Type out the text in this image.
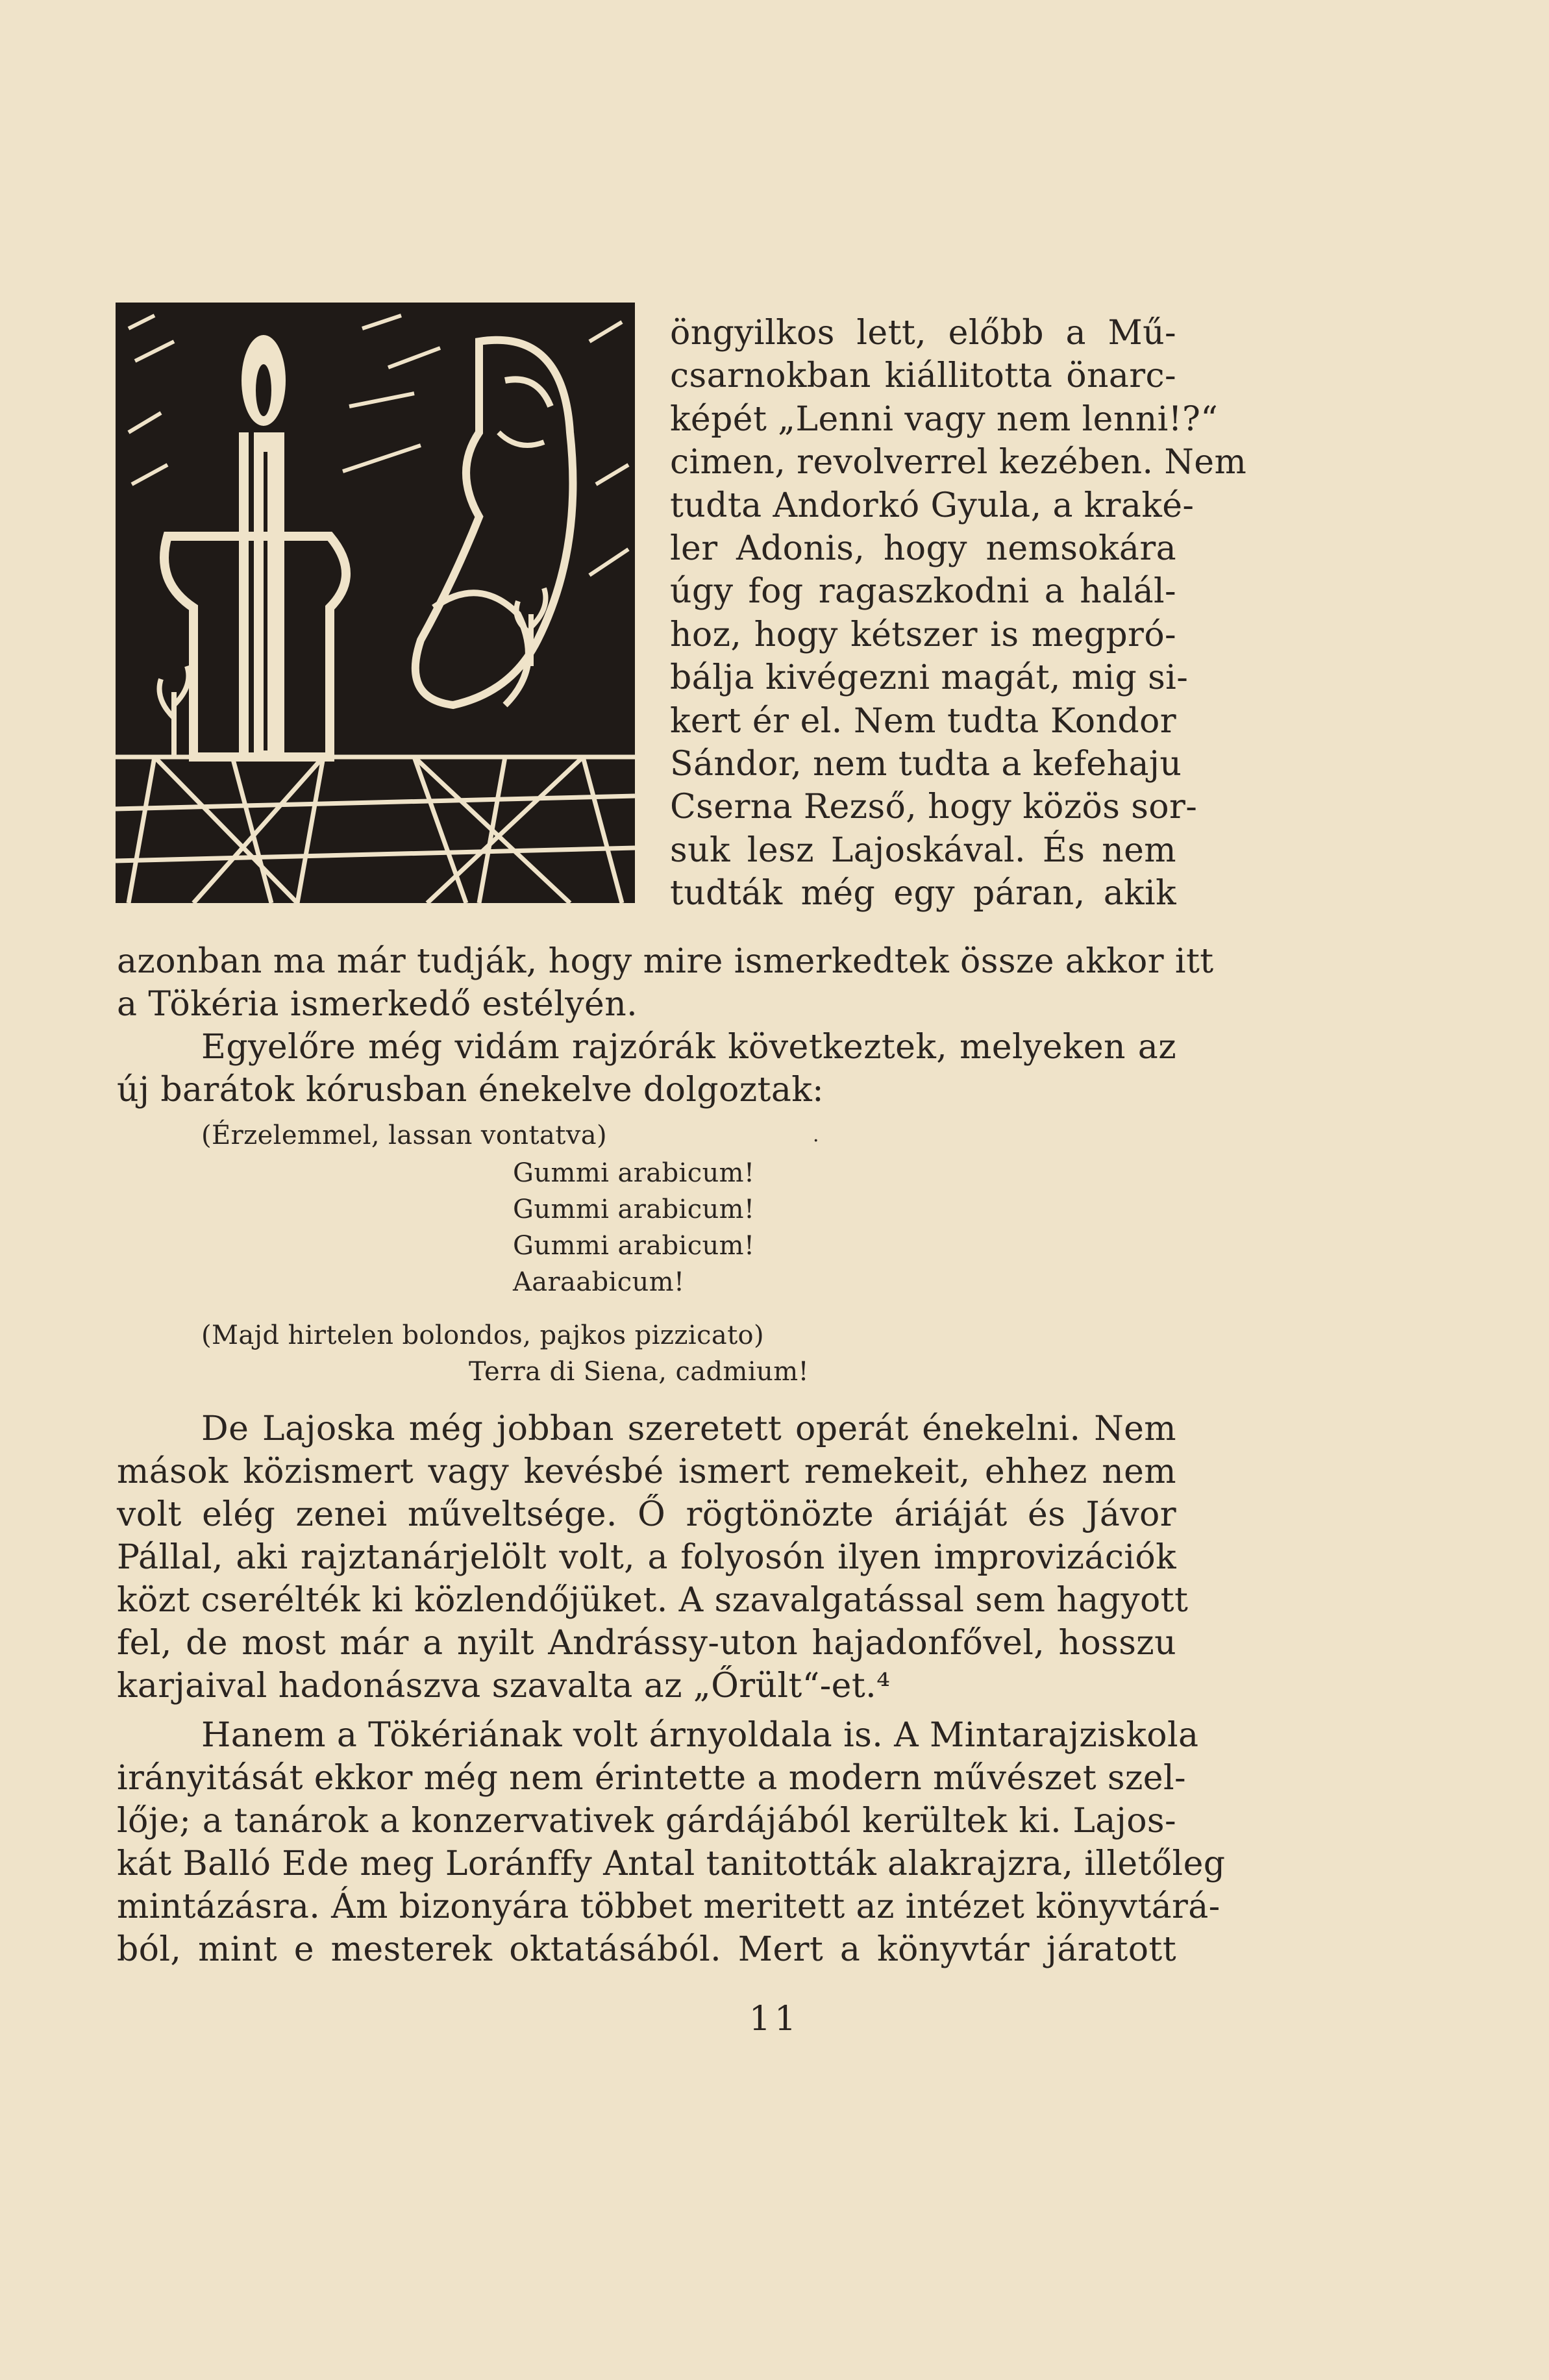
öngyilkos lett, előbb a Mű-
csarnokban kiállitotta önarc-
képét „Lenni vagy nem lenni!?“
cimen, revolverrel kezében. Nem
tudta Andorkó Gyula, a kraké-
ler Adonis, hogy nemsokára
úgy fog ragaszkodni a halál-
hoz, hogy kétszer is megpró-
bálja kivégezni magát, mig si-
kert ér el. Nem tudta Kondor
Sándor, nem tudta a kefehaju
Cserna Rezső, hogy közös sor-
suk lesz Lajoskával. És nem
tudták még egy páran, akik
azonban ma már tudják, hogy mire ismerkedtek össze akkor itt
a Tökéria ismerkedő estélyén.
Egyelőre még vidám rajzórák következtek, melyeken az
új barátok kórusban énekelve dolgoztak:
(Érzelemmel, lassan vontatva)	·
Gummi arabicum!
Gummi arabicum!
Gummi arabicum!
Aaraabicum!
(Majd hirtelen bolondos, pajkos pizzicato)
Terra di Siena, cadmium!
De Lajoska még jobban szeretett operát énekelni. Nem
mások közismert vagy kevésbé ismert remekeit, ehhez nem
volt elég zenei műveltsége. Ő rögtönözte áriáját és Jávor
Pállal, aki rajztanárjelölt volt, a folyosón ilyen improvizációk
közt cserélték ki közlendőjüket. A szavalgatással sem hagyott
fel, de most már a nyilt Andrássy-uton hajadonfővel, hosszu
karjaival hadonászva szavalta az „Őrült“-et.⁴
Hanem a Tökériának volt árnyoldala is. A Mintarajziskola
irányitását ekkor még nem érintette a modern művészet szel-
lője; a tanárok a konzervativek gárdájából kerültek ki. Lajos-
kát Balló Ede meg Loránffy Antal tanitották alakrajzra, illetőleg
mintázásra. Ám bizonyára többet meritett az intézet könyvtárá-
ból, mint e mesterek oktatásából. Mert a könyvtár járatott
11
